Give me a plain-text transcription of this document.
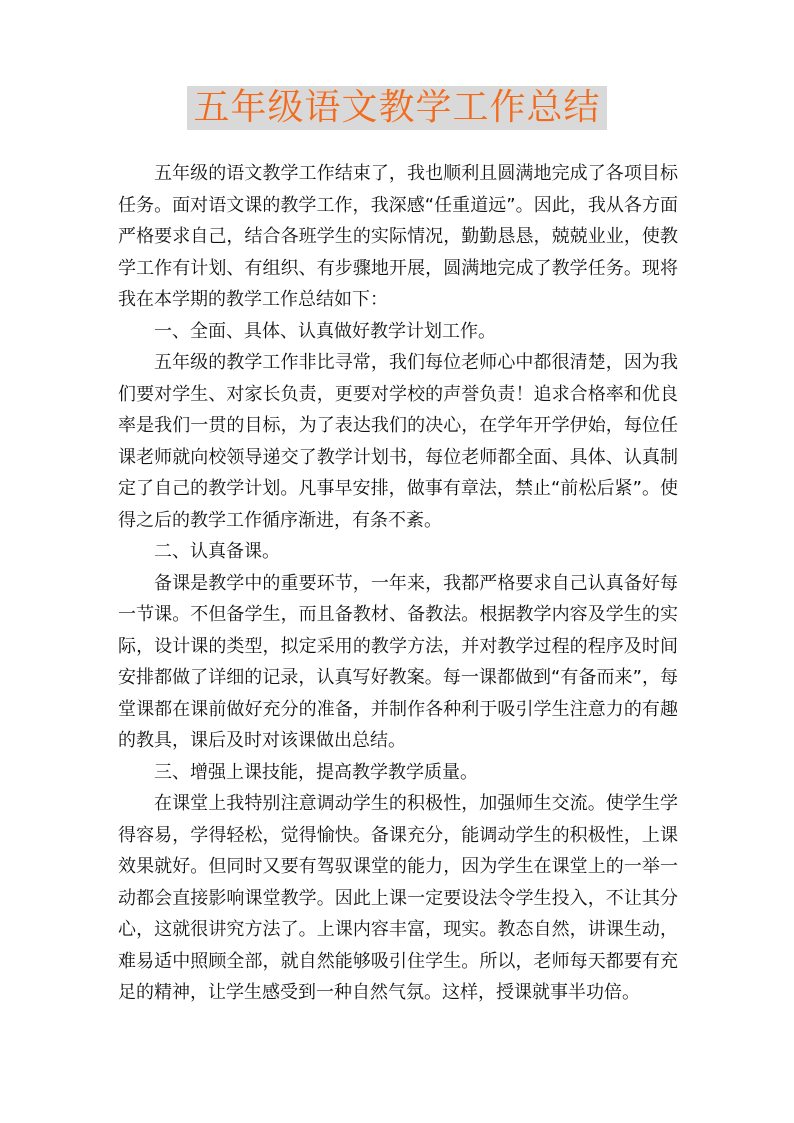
五年级语文教学工作总结

五年级的语文教学工作结束了，我也顺利且圆满地完成了各项目标任务。面对语文课的教学工作，我深感“任重道远”。因此，我从各方面严格要求自己，结合各班学生的实际情况，勤勤恳恳，兢兢业业，使教学工作有计划、有组织、有步骤地开展，圆满地完成了教学任务。现将我在本学期的教学工作总结如下：

一、全面、具体、认真做好教学计划工作。

五年级的教学工作非比寻常，我们每位老师心中都很清楚，因为我们要对学生、对家长负责，更要对学校的声誉负责！追求合格率和优良率是我们一贯的目标，为了表达我们的决心，在学年开学伊始，每位任课老师就向校领导递交了教学计划书，每位老师都全面、具体、认真制定了自己的教学计划。凡事早安排，做事有章法，禁止“前松后紧”。使得之后的教学工作循序渐进，有条不紊。

二、认真备课。

备课是教学中的重要环节，一年来，我都严格要求自己认真备好每一节课。不但备学生，而且备教材、备教法。根据教学内容及学生的实际，设计课的类型，拟定采用的教学方法，并对教学过程的程序及时间安排都做了详细的记录，认真写好教案。每一课都做到“有备而来”，每堂课都在课前做好充分的准备，并制作各种利于吸引学生注意力的有趣的教具，课后及时对该课做出总结。

三、增强上课技能，提高教学教学质量。

在课堂上我特别注意调动学生的积极性，加强师生交流。使学生学得容易，学得轻松，觉得愉快。备课充分，能调动学生的积极性，上课效果就好。但同时又要有驾驭课堂的能力，因为学生在课堂上的一举一动都会直接影响课堂教学。因此上课一定要设法令学生投入，不让其分心，这就很讲究方法了。上课内容丰富，现实。教态自然，讲课生动，难易适中照顾全部，就自然能够吸引住学生。所以，老师每天都要有充足的精神，让学生感受到一种自然气氛。这样，授课就事半功倍。
